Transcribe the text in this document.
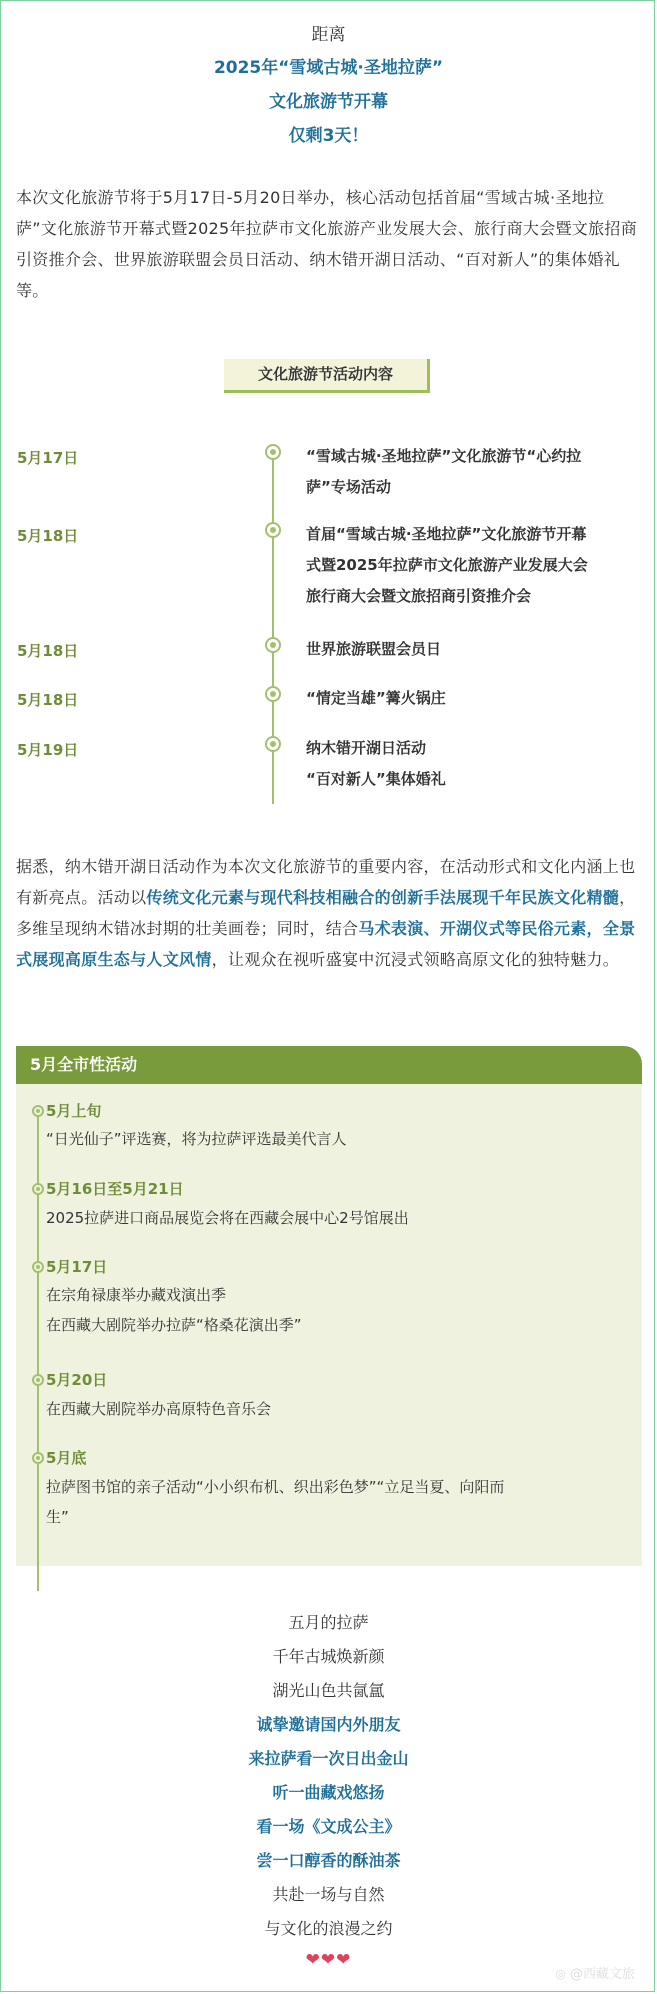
距离
2025年“雪域古城·圣地拉萨”
文化旅游节开幕
仅剩3天！
本次文化旅游节将于5月17日-5月20日举办，核心活动包括首届“雪域古城·圣地拉萨”文化旅游节开幕式暨2025年拉萨市文化旅游产业发展大会、旅行商大会暨文旅招商引资推介会、世界旅游联盟会员日活动、纳木错开湖日活动、“百对新人”的集体婚礼等。
文化旅游节活动内容
5月17日	“雪域古城·圣地拉萨”文化旅游节“心约拉
萨”专场活动
5月18日	首届“雪域古城·圣地拉萨”文化旅游节开幕
式暨2025年拉萨市文化旅游产业发展大会
旅行商大会暨文旅招商引资推介会
5月18日	世界旅游联盟会员日
5月18日	“情定当雄”篝火锅庄
5月19日	纳木错开湖日活动
“百对新人”集体婚礼
据悉，纳木错开湖日活动作为本次文化旅游节的重要内容，在活动形式和文化内涵上也有新亮点。活动以传统文化元素与现代科技相融合的创新手法展现千年民族文化精髓，多维呈现纳木错冰封期的壮美画卷；同时，结合马术表演、开湖仪式等民俗元素，全景式展现高原生态与人文风情，让观众在视听盛宴中沉浸式领略高原文化的独特魅力。
5月全市性活动
5月上旬
“日光仙子”评选赛，将为拉萨评选最美代言人
5月16日至5月21日
2025拉萨进口商品展览会将在西藏会展中心2号馆展出
5月17日
在宗角禄康举办藏戏演出季
在西藏大剧院举办拉萨“格桑花演出季”
5月20日
在西藏大剧院举办高原特色音乐会
5月底
拉萨图书馆的亲子活动“小小织布机、织出彩色梦”“立足当夏、向阳而
生”
五月的拉萨
千年古城焕新颜
湖光山色共氤氲
诚挚邀请国内外朋友
来拉萨看一次日出金山
听一曲藏戏悠扬
看一场《文成公主》
尝一口醇香的酥油茶
共赴一场与自然
与文化的浪漫之约
❤❤❤
◎ @西藏文旅
